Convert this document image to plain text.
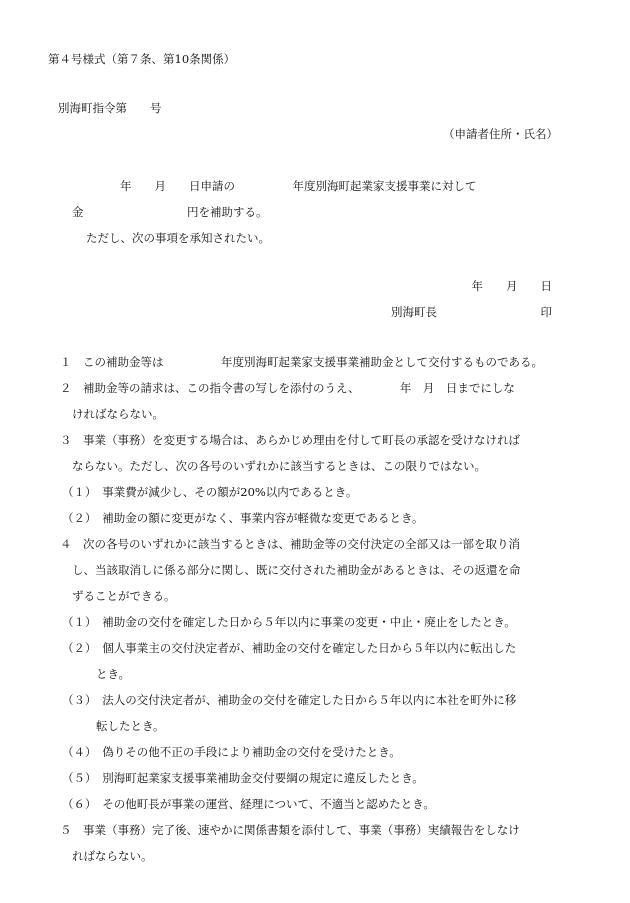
第４号様式（第７条、第10条関係）
別海町指令第　　号
（申請者住所・氏名）
年　　月　　日申請の　　　　　年度別海町起業家支援事業に対して
金　　　　　　　　　円を補助する。
ただし、次の事項を承知されたい。
年　　月　　日
別海町長　　　　　　　　　印
１　この補助金等は　　　　　年度別海町起業家支援事業補助金として交付するものである。
２　補助金等の請求は、この指令書の写しを添付のうえ、　　　　年　月　日までにしな
ければならない。
３　事業（事務）を変更する場合は、あらかじめ理由を付して町長の承認を受けなければ
ならない。ただし、次の各号のいずれかに該当するときは、この限りではない。
（１）　事業費が減少し、その額が20%以内であるとき。
（２）　補助金の額に変更がなく、事業内容が軽微な変更であるとき。
４　次の各号のいずれかに該当するときは、補助金等の交付決定の全部又は一部を取り消
し、当該取消しに係る部分に関し、既に交付された補助金があるときは、その返還を命
ずることができる。
（１）　補助金の交付を確定した日から５年以内に事業の変更・中止・廃止をしたとき。
（２）　個人事業主の交付決定者が、補助金の交付を確定した日から５年以内に転出した
とき。
（３）　法人の交付決定者が、補助金の交付を確定した日から５年以内に本社を町外に移
転したとき。
（４）　偽りその他不正の手段により補助金の交付を受けたとき。
（５）　別海町起業家支援事業補助金交付要綱の規定に違反したとき。
（６）　その他町長が事業の運営、経理について、不適当と認めたとき。
５　事業（事務）完了後、速やかに関係書類を添付して、事業（事務）実績報告をしなけ
ればならない。
